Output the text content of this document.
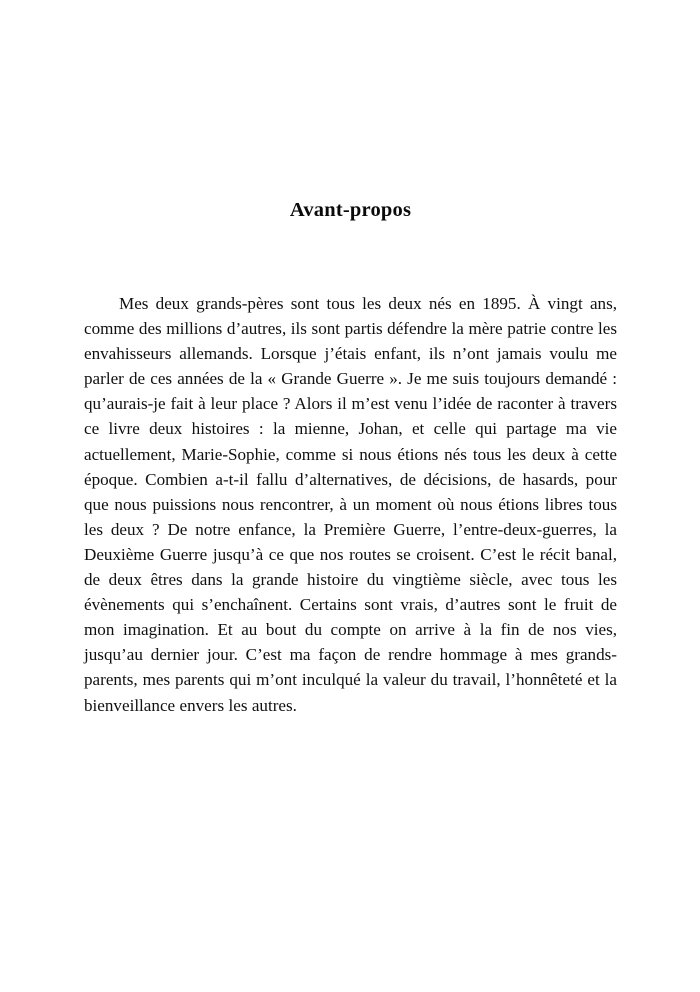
Avant-propos

Mes deux grands-pères sont tous les deux nés en 1895. À vingt ans, comme des millions d’autres, ils sont partis défendre la mère patrie contre les envahisseurs allemands. Lorsque j’étais enfant, ils n’ont jamais voulu me parler de ces années de la « Grande Guerre ». Je me suis toujours demandé : qu’aurais-je fait à leur place ? Alors il m’est venu l’idée de raconter à travers ce livre deux histoires : la mienne, Johan, et celle qui partage ma vie actuellement, Marie-Sophie, comme si nous étions nés tous les deux à cette époque. Combien a-t-il fallu d’alternatives, de décisions, de hasards, pour que nous puissions nous rencontrer, à un moment où nous étions libres tous les deux ? De notre enfance, la Première Guerre, l’entre-deux-guerres, la Deuxième Guerre jusqu’à ce que nos routes se croisent. C’est le récit banal, de deux êtres dans la grande histoire du vingtième siècle, avec tous les évènements qui s’enchaînent. Certains sont vrais, d’autres sont le fruit de mon imagination. Et au bout du compte on arrive à la fin de nos vies, jusqu’au dernier jour. C’est ma façon de rendre hommage à mes grands-parents, mes parents qui m’ont inculqué la valeur du travail, l’honnêteté et la bienveillance envers les autres.
